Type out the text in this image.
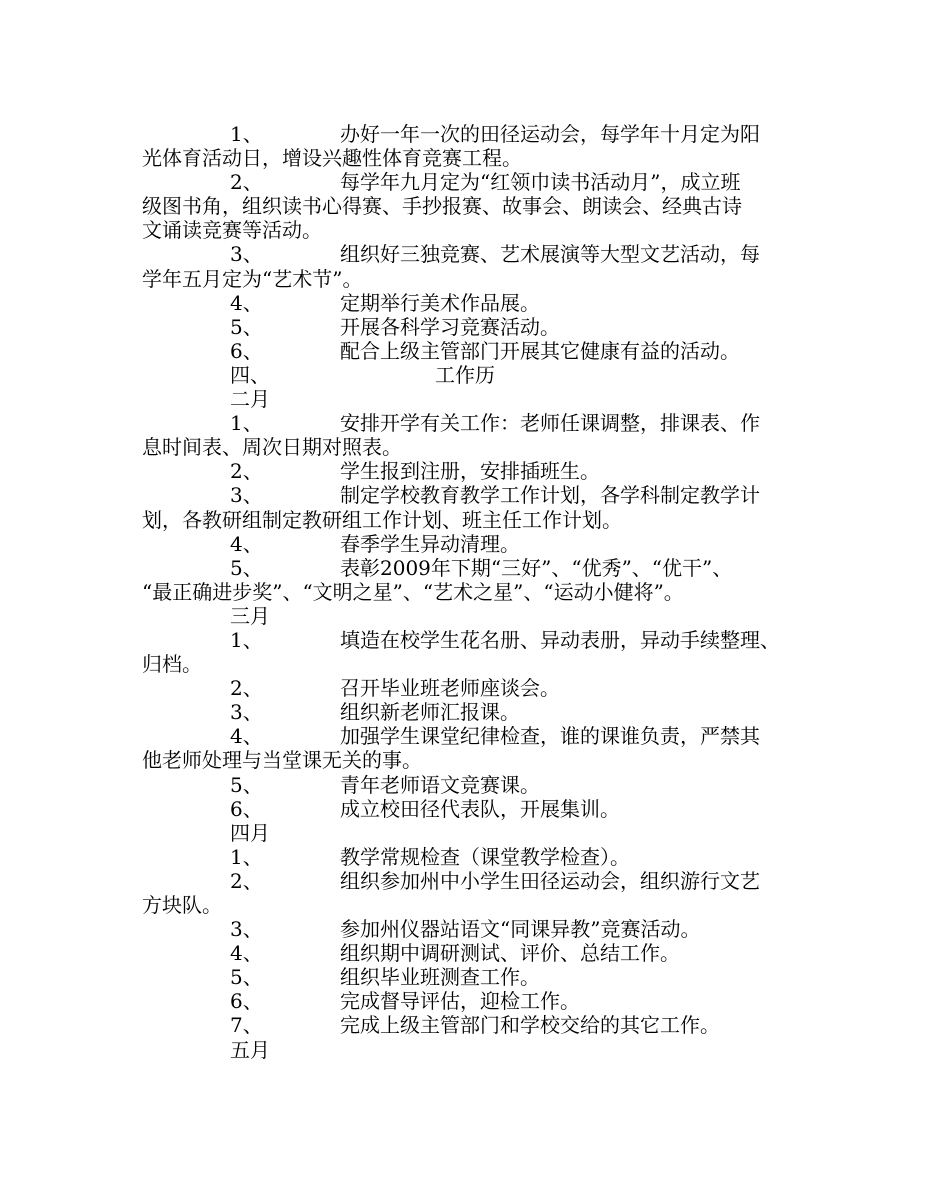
1、	办好一年一次的田径运动会，每学年十月定为阳
光体育活动日，增设兴趣性体育竞赛工程。
2、	每学年九月定为“红领巾读书活动月”，成立班
级图书角，组织读书心得赛、手抄报赛、故事会、朗读会、经典古诗
文诵读竞赛等活动。
3、	组织好三独竞赛、艺术展演等大型文艺活动，每
学年五月定为“艺术节”。
4、	定期举行美术作品展。
5、	开展各科学习竞赛活动。
6、	配合上级主管部门开展其它健康有益的活动。
四、	工作历
二月
1、	安排开学有关工作：老师任课调整，排课表、作
息时间表、周次日期对照表。
2、	学生报到注册，安排插班生。
3、	制定学校教育教学工作计划，各学科制定教学计
划，各教研组制定教研组工作计划、班主任工作计划。
4、	春季学生异动清理。
5、	表彰2009年下期“三好”、“优秀”、“优干”、
“最正确进步奖”、“文明之星”、“艺术之星”、“运动小健将”。
三月
1、	填造在校学生花名册、异动表册，异动手续整理、
归档。
2、	召开毕业班老师座谈会。
3、	组织新老师汇报课。
4、	加强学生课堂纪律检查，谁的课谁负责，严禁其
他老师处理与当堂课无关的事。
5、	青年老师语文竞赛课。
6、	成立校田径代表队，开展集训。
四月
1、	教学常规检查（课堂教学检查）。
2、	组织参加州中小学生田径运动会，组织游行文艺
方块队。
3、	参加州仪器站语文“同课异教”竞赛活动。
4、	组织期中调研测试、评价、总结工作。
5、	组织毕业班测查工作。
6、	完成督导评估，迎检工作。
7、	完成上级主管部门和学校交给的其它工作。
五月
